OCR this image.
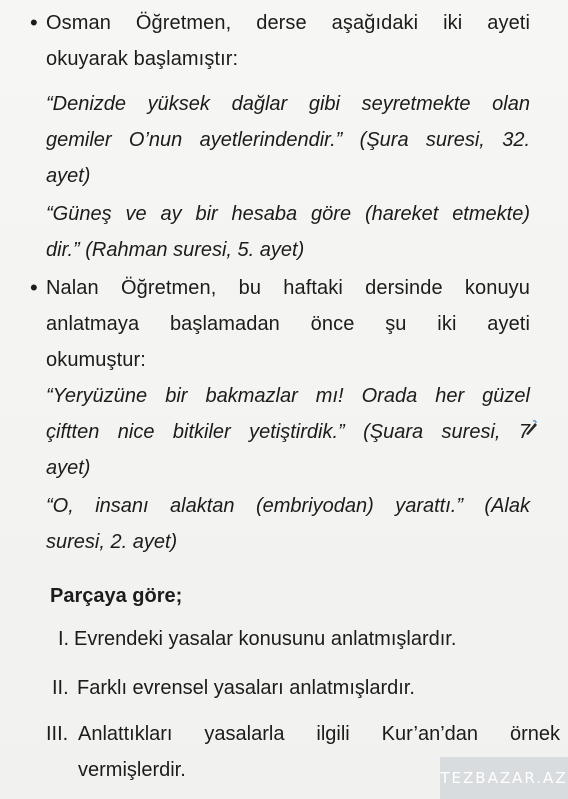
• Osman Öğretmen, derse aşağıdaki iki ayeti
okuyarak başlamıştır:
“Denizde yüksek dağlar gibi seyretmekte olan
gemiler O’nun ayetlerindendir.” (Şura suresi, 32.
ayet)
“Güneş ve ay bir hesaba göre (hareket etmekte)
dir.” (Rahman suresi, 5. ayet)
• Nalan Öğretmen, bu haftaki dersinde konuyu
anlatmaya başlamadan önce şu iki ayeti
okumuştur:
“Yeryüzüne bir bakmazlar mı! Orada her güzel
çiftten nice bitkiler yetiştirdik.” (Şuara suresi, 7
ayet)
“O, insanı alaktan (embriyodan) yarattı.” (Alak
suresi, 2. ayet)
Parçaya göre;
I. Evrendeki yasalar konusunu anlatmışlardır.
II. Farklı evrensel yasaları anlatmışlardır.
III. Anlattıkları yasalarla ilgili Kur’an’dan örnek
vermişlerdir.	TEZBAZAR.AZ
